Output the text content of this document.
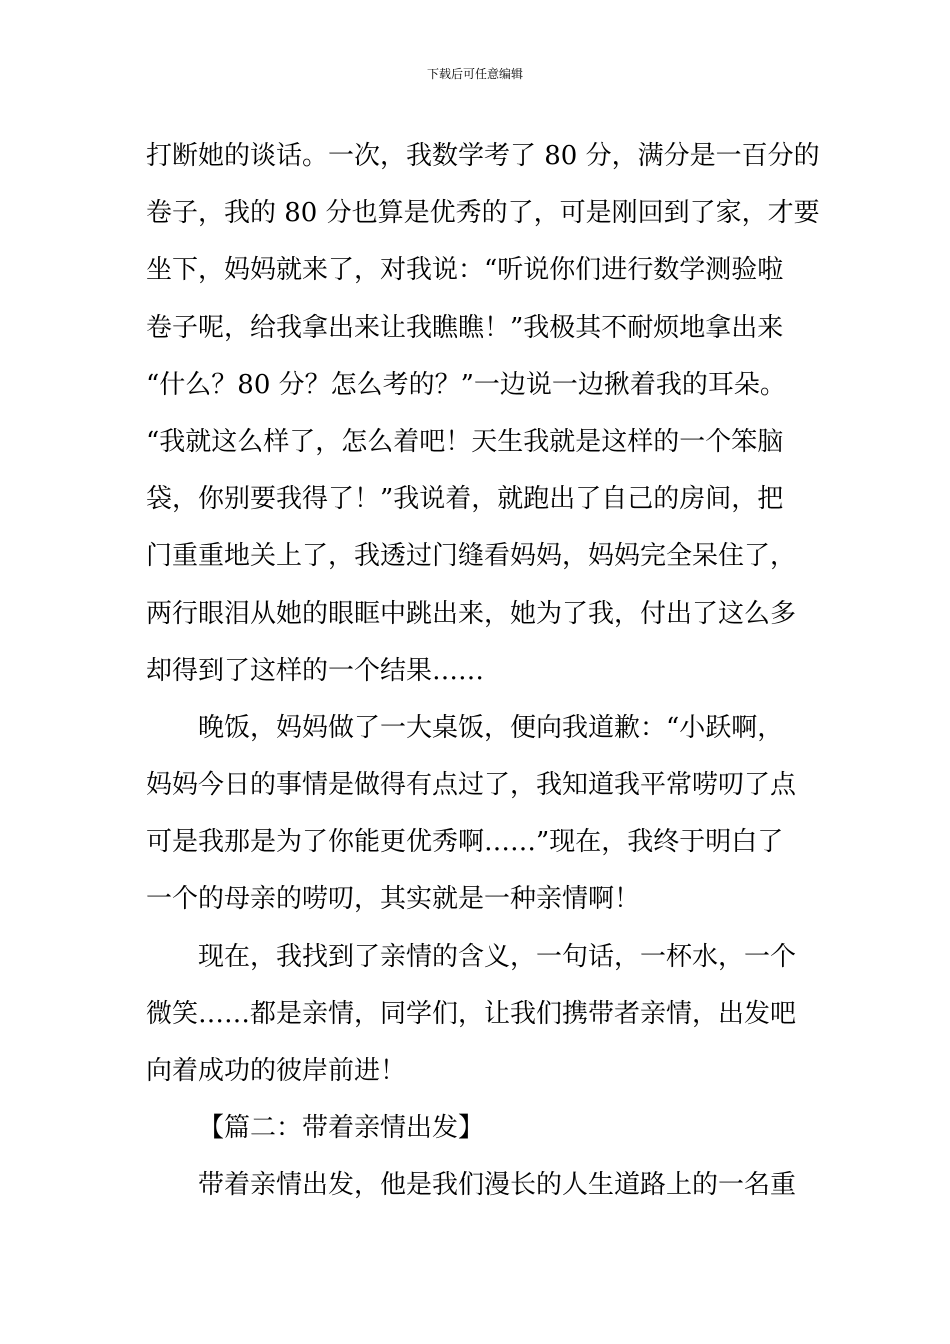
下载后可任意编辑
打断她的谈话。一次，我数学考了 80 分，满分是一百分的
卷子，我的 80 分也算是优秀的了，可是刚回到了家，才要
坐下，妈妈就来了，对我说：“听说你们进行数学测验啦
卷子呢，给我拿出来让我瞧瞧！”我极其不耐烦地拿出来
“什么？80 分？怎么考的？”一边说一边揪着我的耳朵。
“我就这么样了，怎么着吧！天生我就是这样的一个笨脑
袋，你别要我得了！”我说着，就跑出了自己的房间，把
门重重地关上了，我透过门缝看妈妈，妈妈完全呆住了，
两行眼泪从她的眼眶中跳出来，她为了我，付出了这么多
却得到了这样的一个结果……
晚饭，妈妈做了一大桌饭，便向我道歉：“小跃啊，
妈妈今日的事情是做得有点过了，我知道我平常唠叨了点
可是我那是为了你能更优秀啊……”现在，我终于明白了
一个的母亲的唠叨，其实就是一种亲情啊！
现在，我找到了亲情的含义，一句话，一杯水，一个
微笑……都是亲情，同学们，让我们携带者亲情，出发吧
向着成功的彼岸前进！
【篇二：带着亲情出发】
带着亲情出发，他是我们漫长的人生道路上的一名重
